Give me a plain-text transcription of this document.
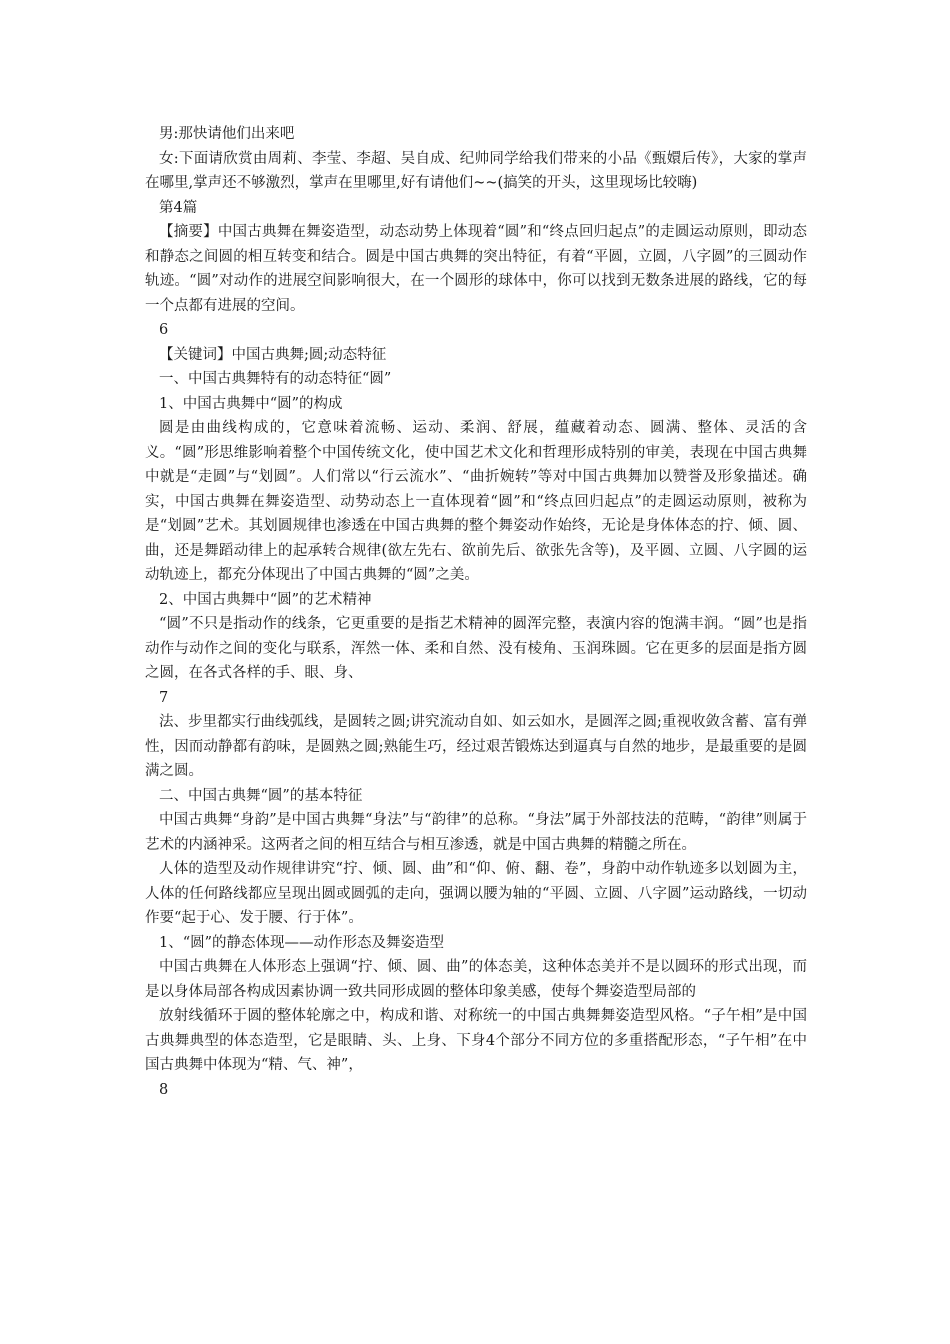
男:那快请他们出来吧

女:下面请欣赏由周莉、李莹、李超、吴自成、纪帅同学给我们带来的小品《甄嬛后传》，大家的掌声在哪里,掌声还不够激烈，掌声在里哪里,好有请他们~~(搞笑的开头，这里现场比较嗨)

第4篇

【摘要】中国古典舞在舞姿造型，动态动势上体现着“圆”和“终点回归起点”的走圆运动原则，即动态和静态之间圆的相互转变和结合。圆是中国古典舞的突出特征，有着“平圆，立圆，八字圆”的三圆动作轨迹。“圆”对动作的进展空间影响很大，在一个圆形的球体中，你可以找到无数条进展的路线，它的每一个点都有进展的空间。

6

【关键词】中国古典舞;圆;动态特征

一、中国古典舞特有的动态特征“圆”

1、中国古典舞中“圆”的构成

圆是由曲线构成的，它意味着流畅、运动、柔润、舒展，蕴藏着动态、圆满、整体、灵活的含义。“圆”形思维影响着整个中国传统文化，使中国艺术文化和哲理形成特别的审美，表现在中国古典舞中就是“走圆”与“划圆”。人们常以“行云流水”、“曲折婉转”等对中国古典舞加以赞誉及形象描述。确实，中国古典舞在舞姿造型、动势动态上一直体现着“圆”和“终点回归起点”的走圆运动原则，被称为是“划圆”艺术。其划圆规律也渗透在中国古典舞的整个舞姿动作始终，无论是身体体态的拧、倾、圆、曲，还是舞蹈动律上的起承转合规律(欲左先右、欲前先后、欲张先含等)，及平圆、立圆、八字圆的运动轨迹上，都充分体现出了中国古典舞的“圆”之美。

2、中国古典舞中“圆”的艺术精神

“圆”不只是指动作的线条，它更重要的是指艺术精神的圆浑完整，表演内容的饱满丰润。“圆”也是指动作与动作之间的变化与联系，浑然一体、柔和自然、没有棱角、玉润珠圆。它在更多的层面是指方圆之圆，在各式各样的手、眼、身、

7

法、步里都实行曲线弧线，是圆转之圆;讲究流动自如、如云如水，是圆浑之圆;重视收敛含蓄、富有弹性，因而动静都有韵味，是圆熟之圆;熟能生巧，经过艰苦锻炼达到逼真与自然的地步，是最重要的是圆满之圆。

二、中国古典舞“圆”的基本特征

中国古典舞“身韵”是中国古典舞“身法”与“韵律”的总称。“身法”属于外部技法的范畴，“韵律”则属于艺术的内涵神采。这两者之间的相互结合与相互渗透，就是中国古典舞的精髓之所在。

人体的造型及动作规律讲究“拧、倾、圆、曲”和“仰、俯、翻、卷”，身韵中动作轨迹多以划圆为主，人体的任何路线都应呈现出圆或圆弧的走向，强调以腰为轴的“平圆、立圆、八字圆”运动路线，一切动作要“起于心、发于腰、行于体”。

1、“圆”的静态体现——动作形态及舞姿造型

中国古典舞在人体形态上强调“拧、倾、圆、曲”的体态美，这种体态美并不是以圆环的形式出现，而是以身体局部各构成因素协调一致共同形成圆的整体印象美感，使每个舞姿造型局部的

放射线循环于圆的整体轮廓之中，构成和谐、对称统一的中国古典舞舞姿造型风格。“子午相”是中国古典舞典型的体态造型，它是眼睛、头、上身、下身4个部分不同方位的多重搭配形态，“子午相”在中国古典舞中体现为“精、气、神”，

8
